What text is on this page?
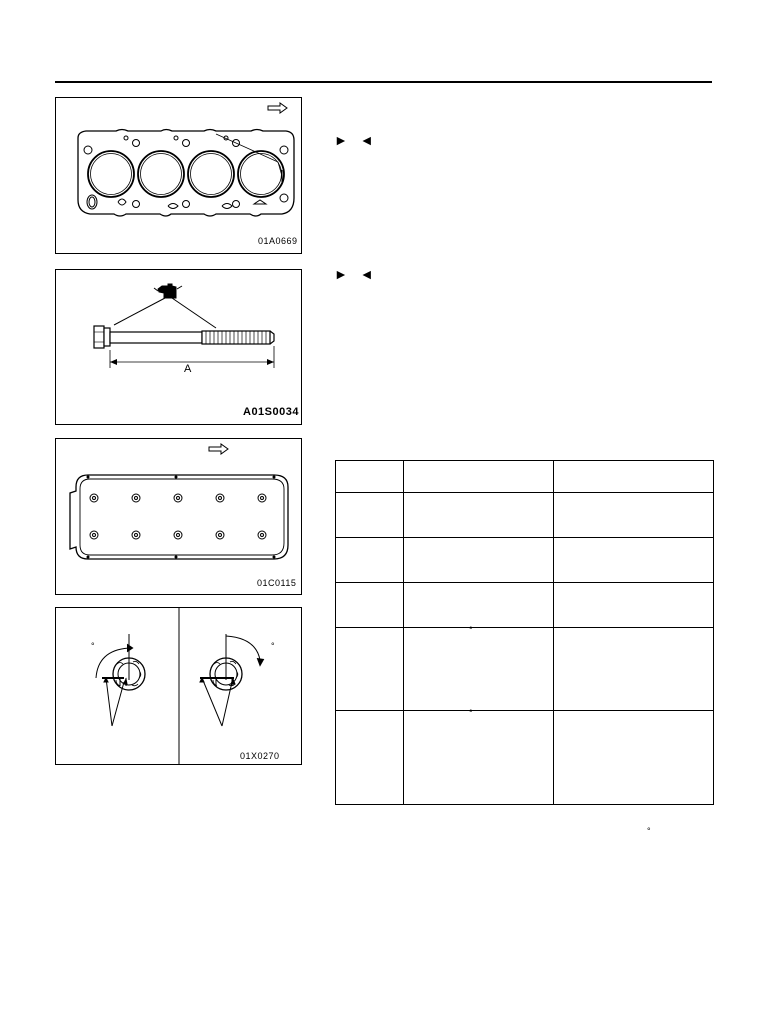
01A0669
A
A01S0034
01C0115
°	°
01X0270
► ◄
► ◄

	°	

	°	

°
